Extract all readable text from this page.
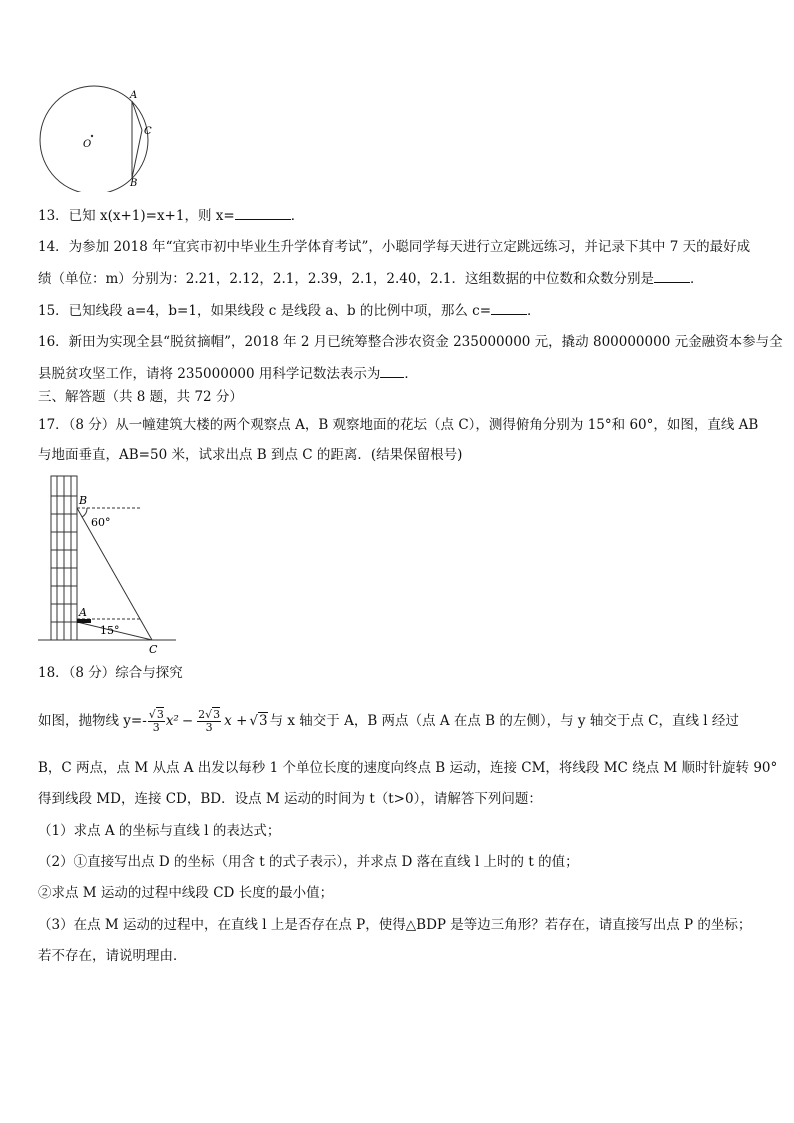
A
C
B
O
13．已知 x(x+1)=x+1，则 x=	．
14．为参加 2018 年“宜宾市初中毕业生升学体育考试”，小聪同学每天进行立定跳远练习，并记录下其中 7 天的最好成
绩（单位：m）分别为：2.21，2.12，2.1，2.39，2.1，2.40，2.1．这组数据的中位数和众数分别是	．
15．已知线段 a=4，b=1，如果线段 c 是线段 a、b 的比例中项，那么 c=	．
16．新田为实现全县“脱贫摘帽”，2018 年 2 月已统筹整合涉农资金 235000000 元，撬动 800000000 元金融资本参与全
县脱贫攻坚工作，请将 235000000 用科学记数法表示为 ．
三、解答题（共 8 题，共 72 分）
17．（8 分）从一幢建筑大楼的两个观察点 A，B 观察地面的花坛（点 C），测得俯角分别为 15°和 60°，如图，直线 AB
与地面垂直，AB=50 米，试求出点 B 到点 C 的距离．(结果保留根号)
B
60°
A
15°
C
18．（8 分）综合与探究
如图，抛物线 $y=- \frac{√3}{3} x^2 - \frac{2√3}{3}$ x + √3 与 x 轴交于 A，B 两点（点 A 在点 B 的左侧），与 y 轴交于点 C，直线 l 经过
B，C 两点，点 M 从点 A 出发以每秒 1 个单位长度的速度向终点 B 运动，连接 CM，将线段 MC 绕点 M 顺时针旋转 90°
得到线段 MD，连接 CD，BD．设点 M 运动的时间为 t（t>0），请解答下列问题：
（1）求点 A 的坐标与直线 l 的表达式；
（2）①直接写出点 D 的坐标（用含 t 的式子表示），并求点 D 落在直线 l 上时的 t 的值；
②求点 M 运动的过程中线段 CD 长度的最小值；
（3）在点 M 运动的过程中，在直线 l 上是否存在点 P，使得△BDP 是等边三角形？若存在，请直接写出点 P 的坐标；
若不存在，请说明理由．
